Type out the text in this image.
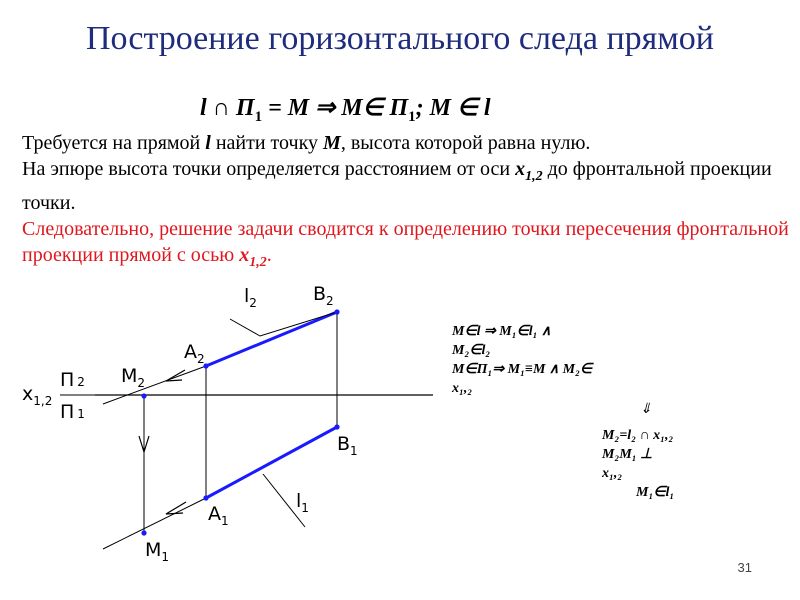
Построение горизонтального следа прямой
l ∩ $П_1 = M$ ⇒ M∈ $П_1$; M ∈ l
Требуется на прямой l найти точку М, высота которой равна нулю.
На эпюре высота точки определяется расстоянием от оси $x_{1,2}$ до фронтальной проекции точки.
Следовательно, решение задачи сводится к определению точки пересечения фронтальной проекции прямой с осью $x_{1,2}$.
$l_2$	$B_2$
$A_2$
$M_2$
$x_{1,2}$
П 2
П 1
$B_1$
$A_1$
$l_1$
$M_1$
M∈l ⇒ M₁∈l₁ ∧
M₂∈l₂
M∈П₁⇒ M₁≡M ∧ M₂∈
x₁,₂
⇓
M₂=l₂ ∩ x₁,₂
M₂M₁ ⊥
x₁,₂
M₁∈l₁
31
